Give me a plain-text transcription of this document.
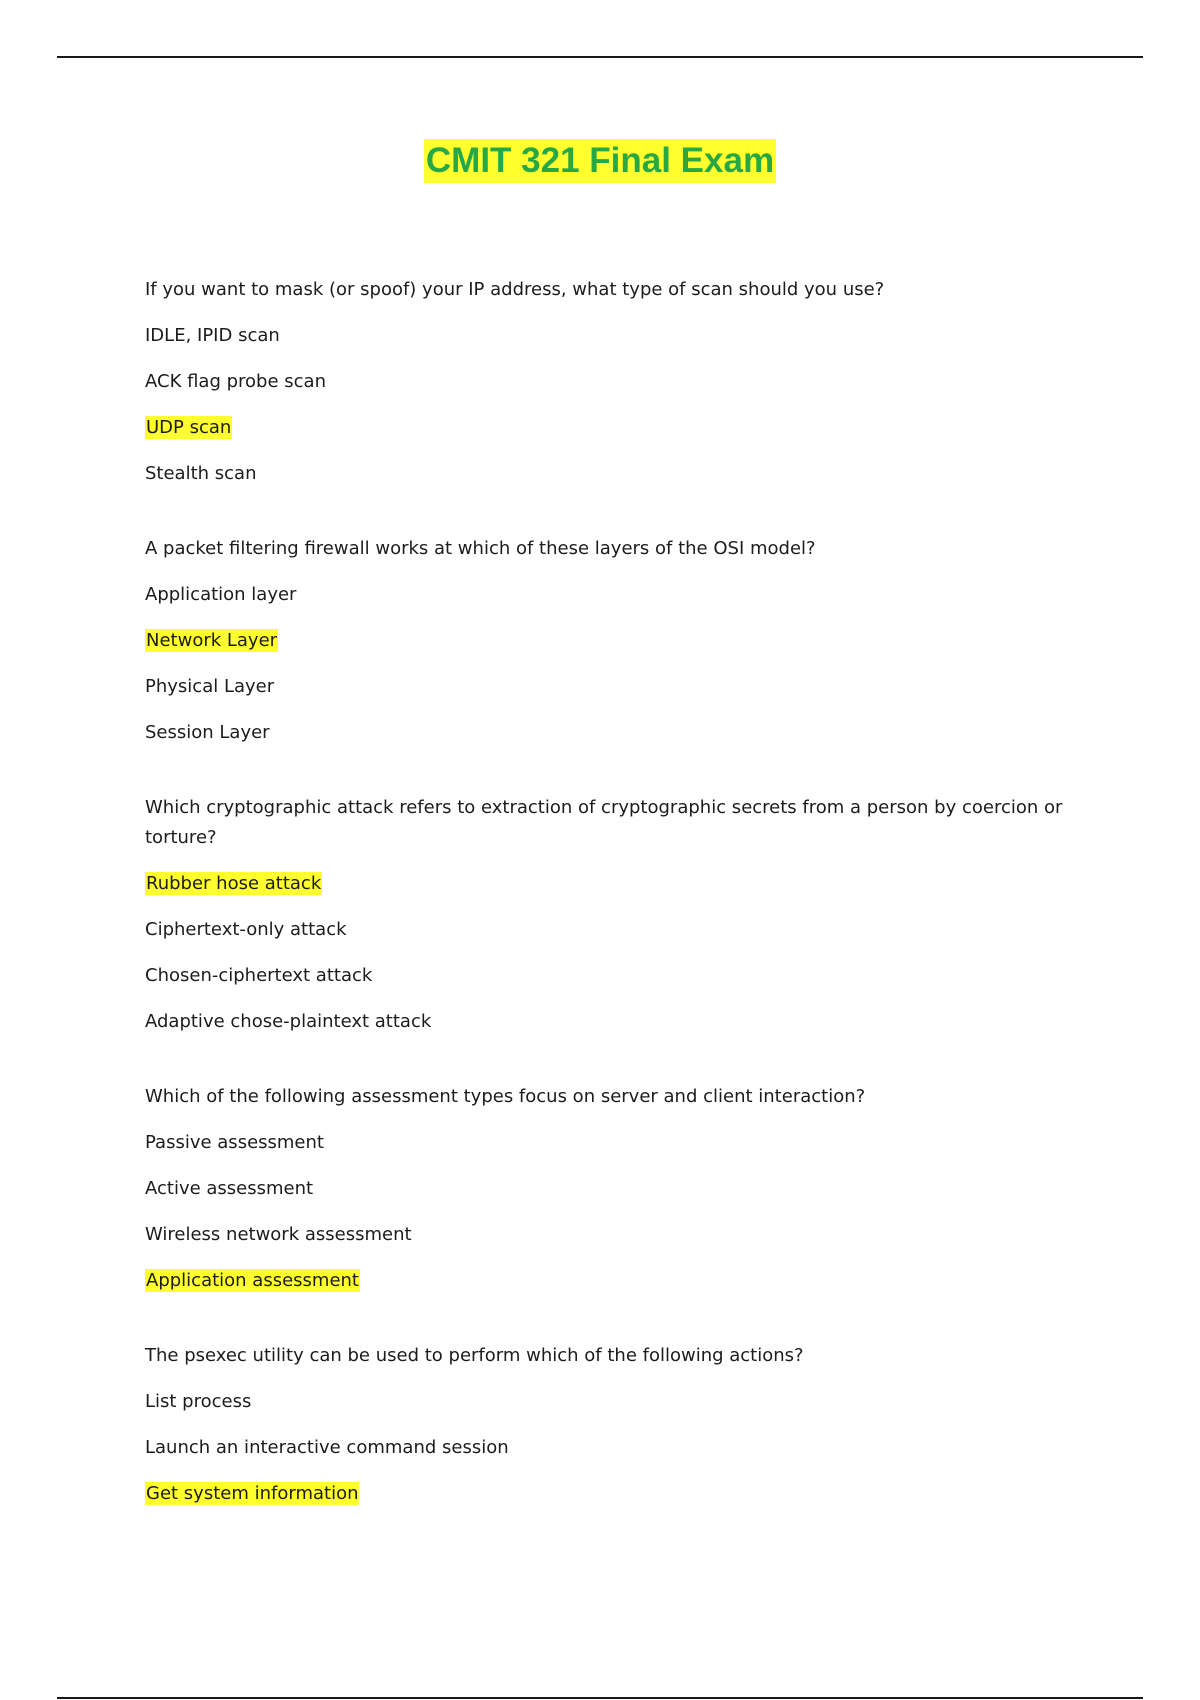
CMIT 321 Final Exam
If you want to mask (or spoof) your IP address, what type of scan should you use?
IDLE, IPID scan
ACK flag probe scan
UDP scan
Stealth scan
A packet filtering firewall works at which of these layers of the OSI model?
Application layer
Network Layer
Physical Layer
Session Layer
Which cryptographic attack refers to extraction of cryptographic secrets from a person by coercion or torture?
Rubber hose attack
Ciphertext-only attack
Chosen-ciphertext attack
Adaptive chose-plaintext attack
Which of the following assessment types focus on server and client interaction?
Passive assessment
Active assessment
Wireless network assessment
Application assessment
The psexec utility can be used to perform which of the following actions?
List process
Launch an interactive command session
Get system information
